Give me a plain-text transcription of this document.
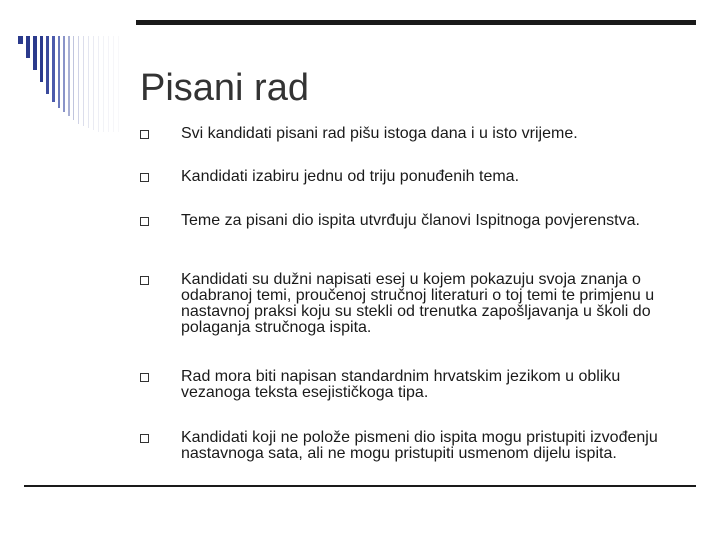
Pisani rad
Svi kandidati pisani rad pišu istoga dana i u isto vrijeme.
Kandidati izabiru jednu od triju ponuđenih tema.
Teme za pisani dio ispita utvrđuju članovi Ispitnoga povjerenstva.
Kandidati su dužni napisati esej u kojem pokazuju svoja znanja o odabranoj temi, proučenoj stručnoj literaturi o toj temi te primjenu u nastavnoj praksi koju su stekli od trenutka zapošljavanja u školi do polaganja stručnoga ispita.
Rad mora biti napisan standardnim hrvatskim jezikom u obliku vezanoga teksta esejističkoga tipa.
Kandidati koji ne polože pismeni dio ispita mogu pristupiti izvođenju nastavnoga sata, ali ne mogu pristupiti usmenom dijelu ispita.
